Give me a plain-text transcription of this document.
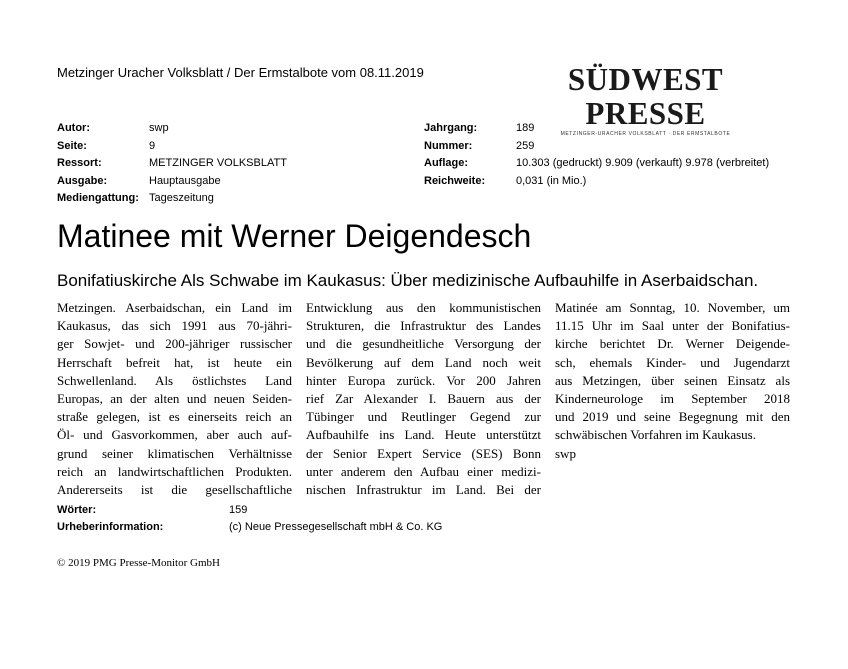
Metzinger Uracher Volksblatt / Der Ermstalbote vom 08.11.2019	SÜDWEST PRESSE
METZINGER-URACHER VOLKSBLATT · DER ERMSTALBOTE
Autor:	swp
Seite:	9
Ressort:	METZINGER VOLKSBLATT
Ausgabe:	Hauptausgabe
Mediengattung: Tageszeitung
Jahrgang:	189
Nummer:	259
Auflage:	10.303 (gedruckt) 9.909 (verkauft) 9.978 (verbreitet)
Reichweite:	0,031 (in Mio.)
Matinee mit Werner Deigendesch
Bonifatiuskirche Als Schwabe im Kaukasus: Über medizinische Aufbauhilfe in Aserbaidschan.
Metzingen. Aserbaidschan, ein Land im
Kaukasus, das sich 1991 aus 70-jähri-
ger Sowjet- und 200-jähriger russischer
Herrschaft befreit hat, ist heute ein
Schwellenland. Als östlichstes Land
Europas, an der alten und neuen Seiden-
straße gelegen, ist es einerseits reich an
Öl- und Gasvorkommen, aber auch auf-
grund seiner klimatischen Verhältnisse
reich an landwirtschaftlichen Produkten.
Andererseits ist die gesellschaftliche
Entwicklung aus den kommunistischen
Strukturen, die Infrastruktur des Landes
und die gesundheitliche Versorgung der
Bevölkerung auf dem Land noch weit
hinter Europa zurück. Vor 200 Jahren
rief Zar Alexander I. Bauern aus der
Tübinger und Reutlinger Gegend zur
Aufbauhilfe ins Land. Heute unterstützt
der Senior Expert Service (SES) Bonn
unter anderem den Aufbau einer medizi-
nischen Infrastruktur im Land. Bei der
Matinée am Sonntag, 10. November, um
11.15 Uhr im Saal unter der Bonifatius-
kirche berichtet Dr. Werner Deigende-
sch, ehemals Kinder- und Jugendarzt
aus Metzingen, über seinen Einsatz als
Kinderneurologe im September 2018
und 2019 und seine Begegnung mit den
schwäbischen Vorfahren im Kaukasus.
swp
Wörter:	159
Urheberinformation:	(c) Neue Pressegesellschaft mbH & Co. KG
© 2019 PMG Presse-Monitor GmbH
